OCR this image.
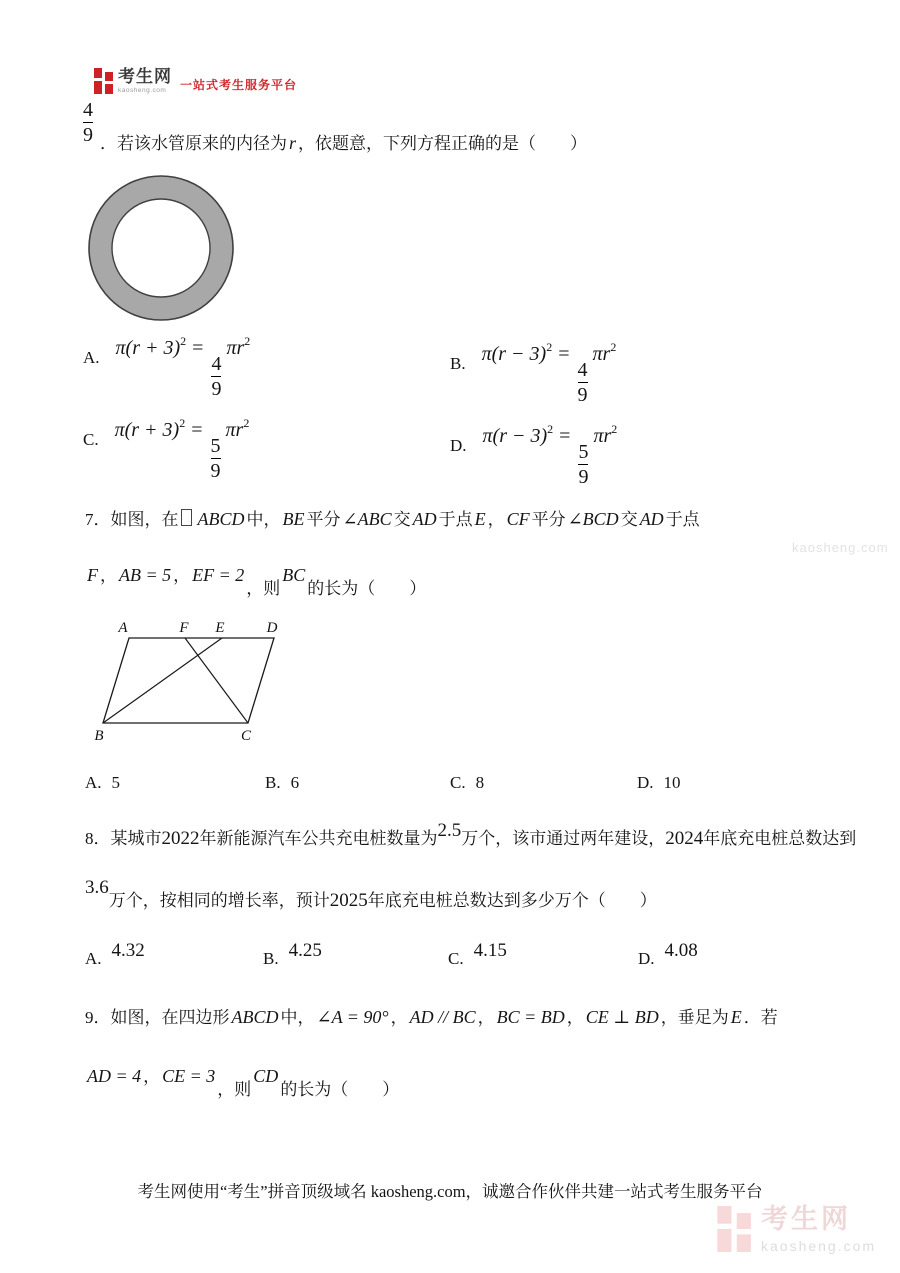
考生网
kaosheng.com	一站式考生服务平台
$\frac{4}{9}$ ．若该水管原来的内径为 r ，依题意，下列方程正确的是（　　）
A. $\pi(r + 3)^2$ =
$\frac{4}{9}$
$\pi r^2$
B. $\pi(r - 3)^2$ =
$\frac{4}{9}$
$\pi r^2$
C. $\pi(r + 3)^2$ =
$\frac{5}{9}$
$\pi r^2$
D. $\pi(r - 3)^2$ =
$\frac{5}{9}$
$\pi r^2$
7．如图，在 ABCD 中， BE 平分 ∠ABC 交 AD 于点 E ， CF 平分 ∠BCD 交 AD 于点
F ， AB = 5 ， EF = 2，则BC的长为（　　）
A	F E	D
B	C
A. 5	B. 6	C. 8	D. 10
8．某城市2022年新能源汽车公共充电桩数量为2.5万个，该市通过两年建设，2024年底充电桩总数达到
3.6万个，按相同的增长率，预计2025年底充电桩总数达到多少万个（　　）
A. 4.32	B. 4.25	C. 4.15	D. 4.08
9．如图，在四边形 ABCD 中， ∠A = 90° ， AD // BC ， BC = BD ， CE ⊥ BD ，垂足为 E ．若
AD = 4 ， CE = 3，则CD的长为（　　）
考生网使用“考生”拼音顶级域名 kaosheng.com，诚邀合作伙伴共建一站式考生服务平台
kaosheng.com
考生网
kaosheng.com
